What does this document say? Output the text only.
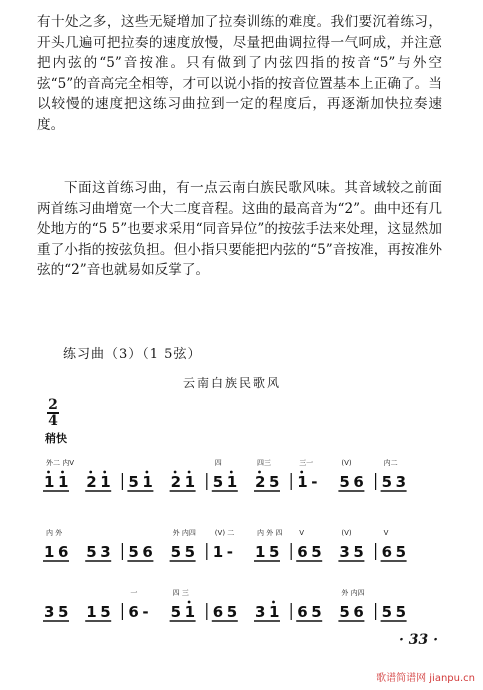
有十处之多，这些无疑增加了拉奏训练的难度。我们要沉着练习，开头几遍可把拉奏的速度放慢，尽量把曲调拉得一气呵成，并注意把内弦的“5”音按准。只有做到了内弦四指的按音“5”与外空弦“5”的音高完全相等，才可以说小指的按音位置基本上正确了。当以较慢的速度把这练习曲拉到一定的程度后，再逐渐加快拉奏速度。

下面这首练习曲，有一点云南白族民歌风味。其音域较之前面两首练习曲增宽一个大二度音程。这曲的最高音为“2̇”。曲中还有几处地方的“5 5”也要求采用“同音异位”的按弦手法来处理，这显然加重了小指的按弦负担。但小指只要能把内弦的“5”音按准，再按准外弦的“2̇”音也就易如反掌了。

练习曲（3）（1 5弦）
云南白族民歌风
2
4
稍快
外二 内V
1 1 2 1 5 1 2 1
四
5 1
四三
2 5
三一
1 -
(V)
5 6
内二
5 3
内 外
1 6 5 3 5 6
外 内四
5 5
(V) 二
1 -
内 外 四
1 5
V
6 5
(V)
3 5
V
6 5
3 5 1 5
一
6 -
四 三
5 1 6 5 3 1 6 5
外 内四
5 6 5 5
· 33 ·
歌谱简谱网 jianpu.cn
